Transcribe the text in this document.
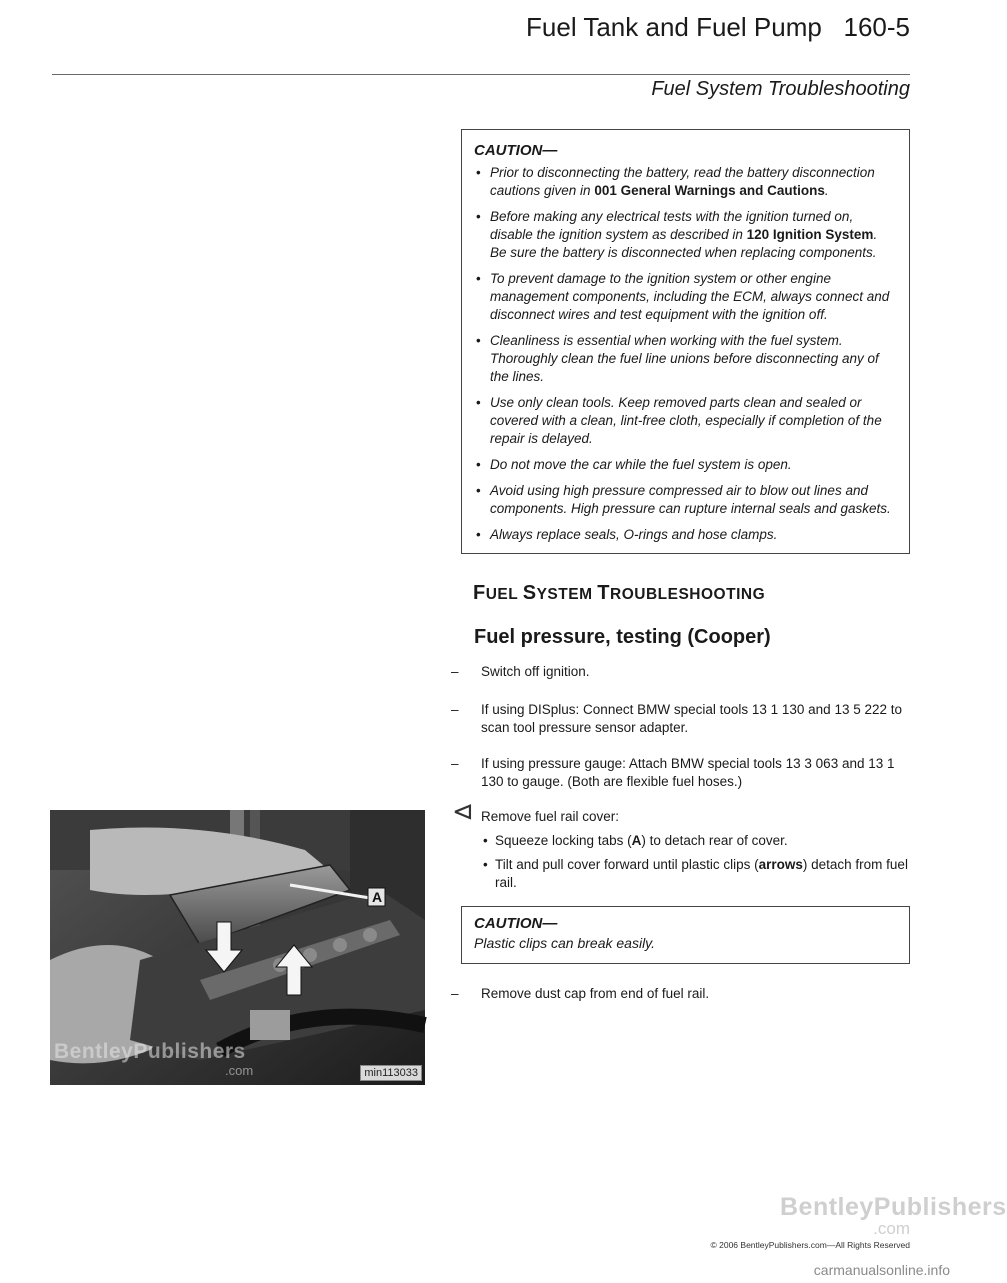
Fuel Tank and Fuel Pump   160-5
Fuel System Troubleshooting
CAUTION—
• Prior to disconnecting the battery, read the battery disconnection cautions given in 001 General Warnings and Cautions.
• Before making any electrical tests with the ignition turned on, disable the ignition system as described in 120 Ignition System. Be sure the battery is disconnected when replacing components.
• To prevent damage to the ignition system or other engine management components, including the ECM, always connect and disconnect wires and test equipment with the ignition off.
• Cleanliness is essential when working with the fuel system. Thoroughly clean the fuel line unions before disconnecting any of the lines.
• Use only clean tools. Keep removed parts clean and sealed or covered with a clean, lint-free cloth, especially if completion of the repair is delayed.
• Do not move the car while the fuel system is open.
• Avoid using high pressure compressed air to blow out lines and components. High pressure can rupture internal seals and gaskets.
• Always replace seals, O-rings and hose clamps.
FUEL SYSTEM TROUBLESHOOTING
Fuel pressure, testing (Cooper)
–	Switch off ignition.
–	If using DISplus: Connect BMW special tools 13 1 130 and 13 5 222 to scan tool pressure sensor adapter.
–	If using pressure gauge: Attach BMW special tools 13 3 063 and 13 1 130 to gauge. (Both are flexible fuel hoses.)
⊲ Remove fuel rail cover:
• Squeeze locking tabs (A) to detach rear of cover.
• Tilt and pull cover forward until plastic clips (arrows) detach from fuel rail.
CAUTION—
Plastic clips can break easily.
–	Remove dust cap from end of fuel rail.
A
BentleyPublishers
.com	min113033
BentleyPublishers
.com
© 2006 BentleyPublishers.com—All Rights Reserved
carmanualsonline.info
